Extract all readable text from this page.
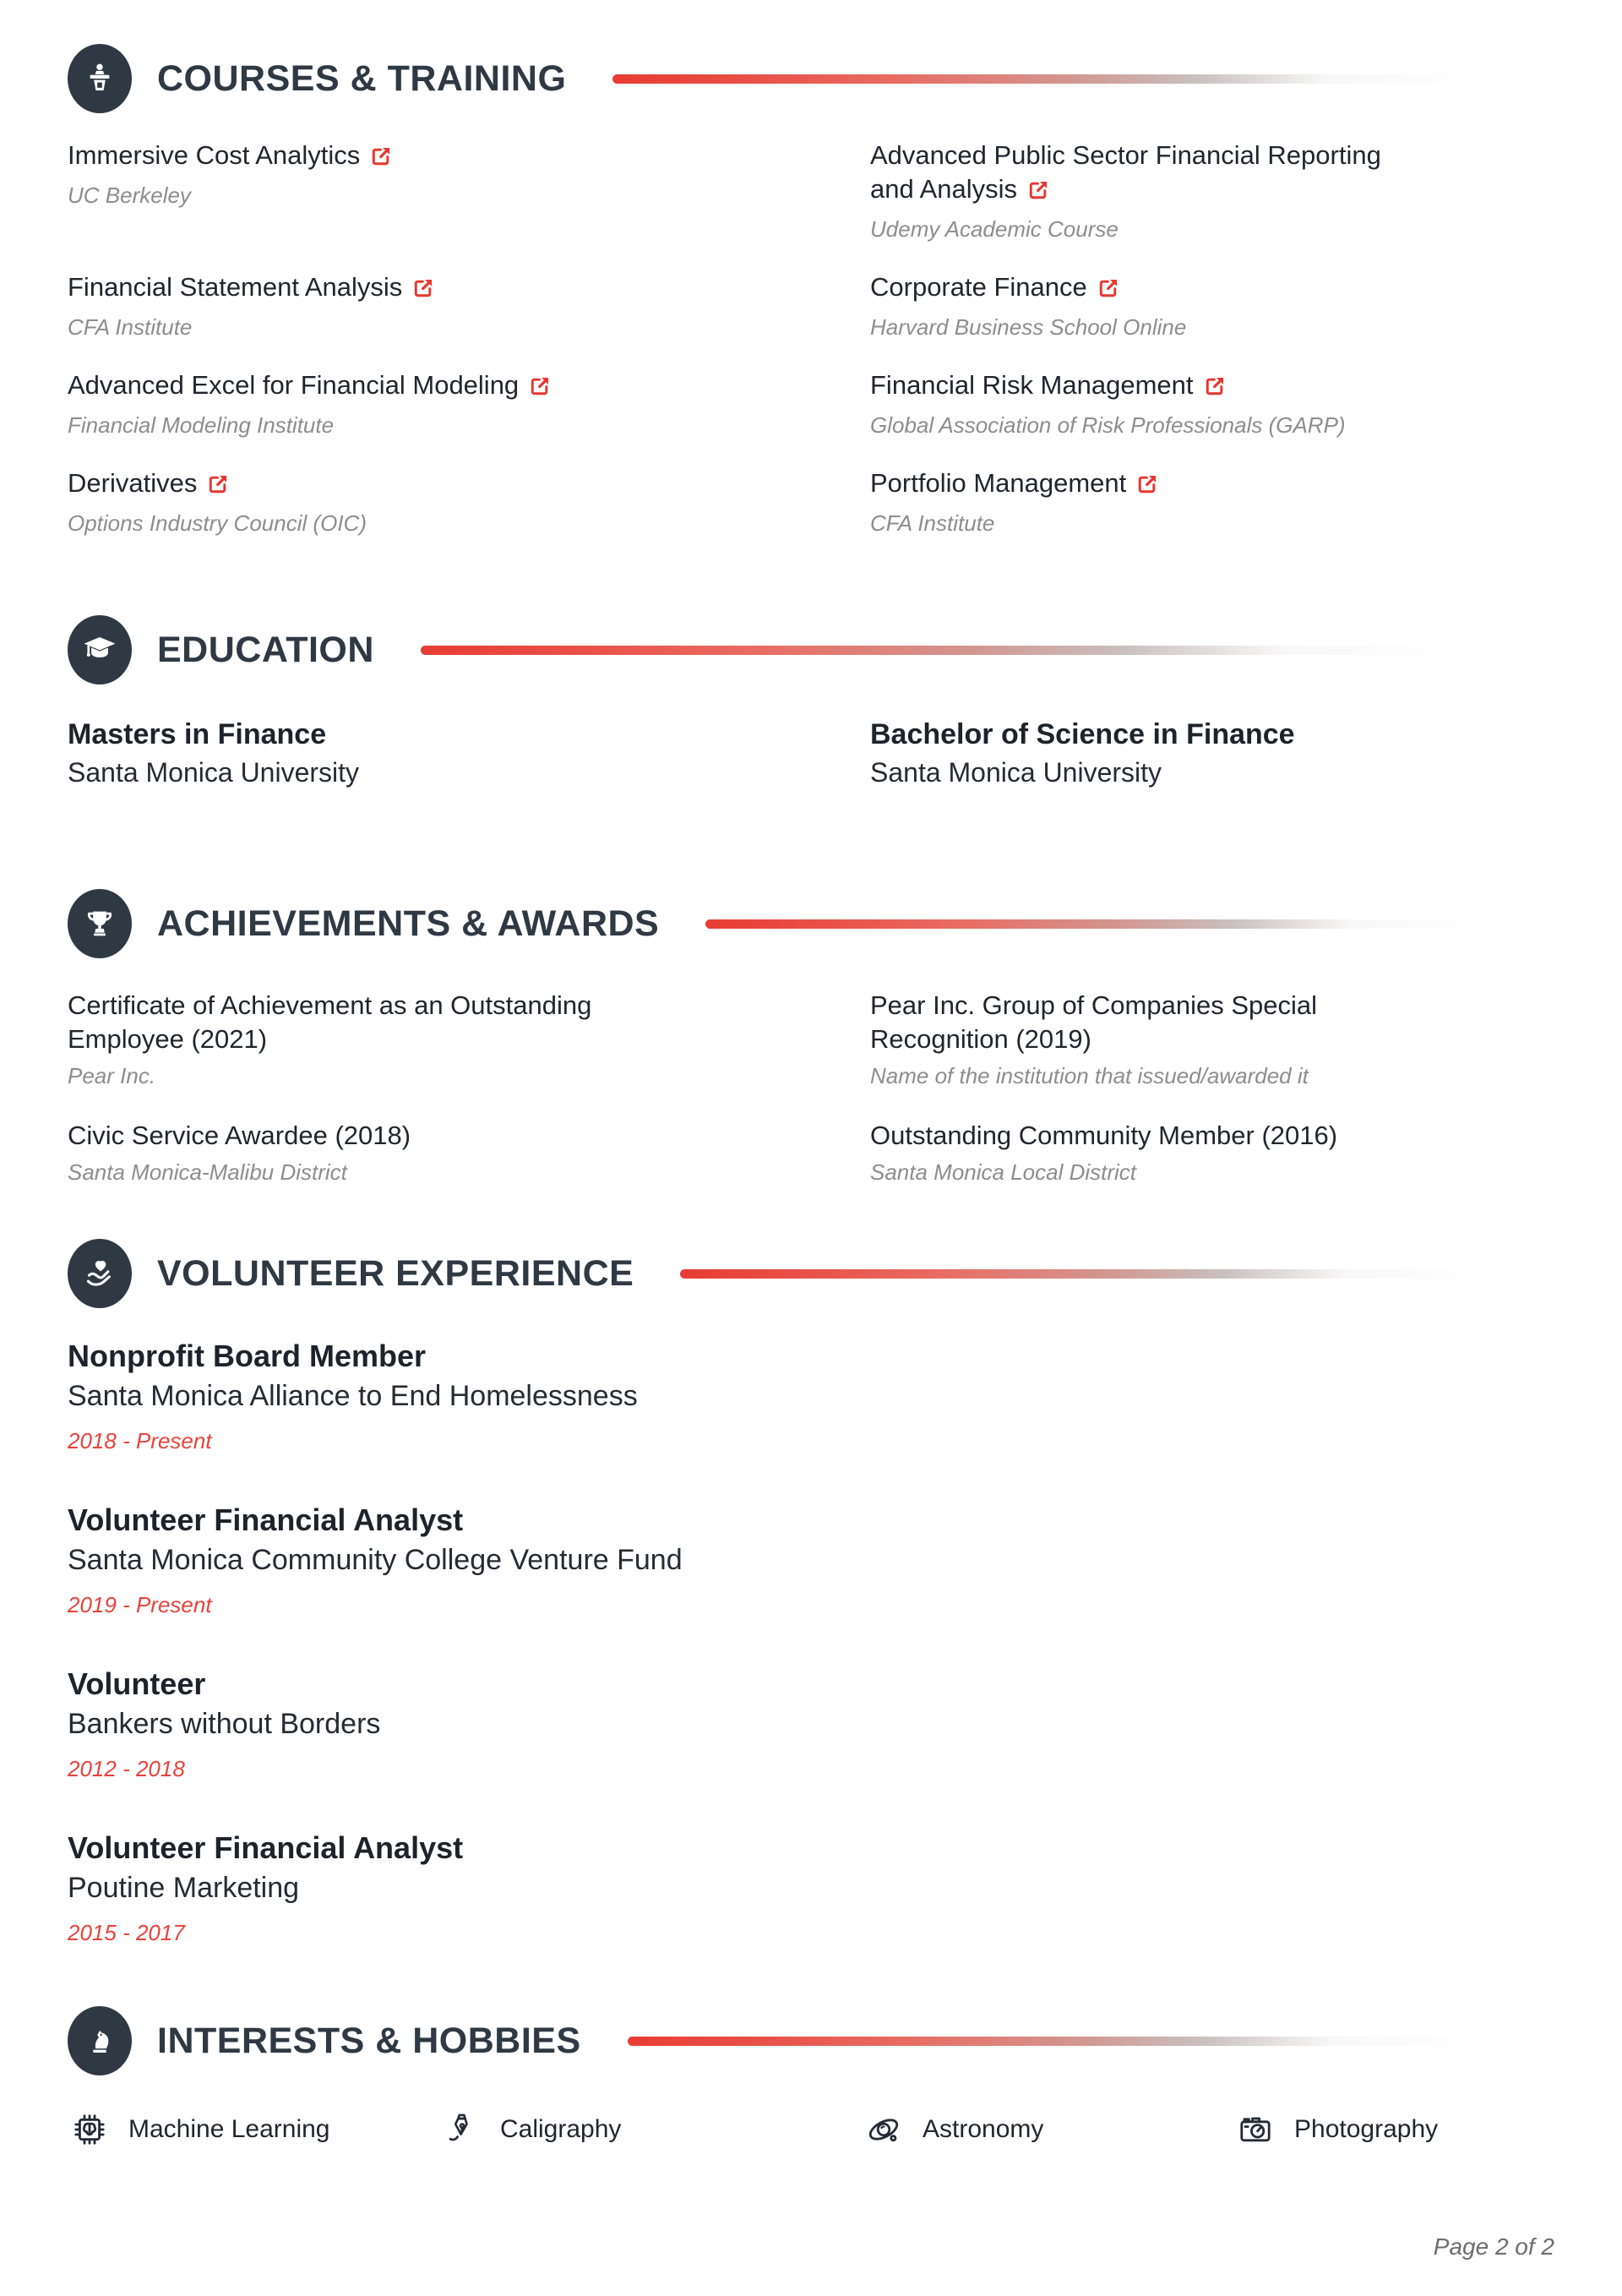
COURSES & TRAINING
Immersive Cost Analytics
UC Berkeley
Advanced Public Sector Financial Reporting and Analysis
Udemy Academic Course
Financial Statement Analysis
CFA Institute
Corporate Finance
Harvard Business School Online
Advanced Excel for Financial Modeling
Financial Modeling Institute
Financial Risk Management
Global Association of Risk Professionals (GARP)
Derivatives
Options Industry Council (OIC)
Portfolio Management
CFA Institute
EDUCATION
Masters in Finance
Santa Monica University
Bachelor of Science in Finance
Santa Monica University
ACHIEVEMENTS & AWARDS
Certificate of Achievement as an Outstanding Employee (2021)
Pear Inc.
Pear Inc. Group of Companies Special Recognition (2019)
Name of the institution that issued/awarded it
Civic Service Awardee (2018)
Santa Monica-Malibu District
Outstanding Community Member (2016)
Santa Monica Local District
VOLUNTEER EXPERIENCE
Nonprofit Board Member
Santa Monica Alliance to End Homelessness
2018 - Present
Volunteer Financial Analyst
Santa Monica Community College Venture Fund
2019 - Present
Volunteer
Bankers without Borders
2012 - 2018
Volunteer Financial Analyst
Poutine Marketing
2015 - 2017
INTERESTS & HOBBIES
Machine Learning	Caligraphy	Astronomy	Photography
Page 2 of 2
